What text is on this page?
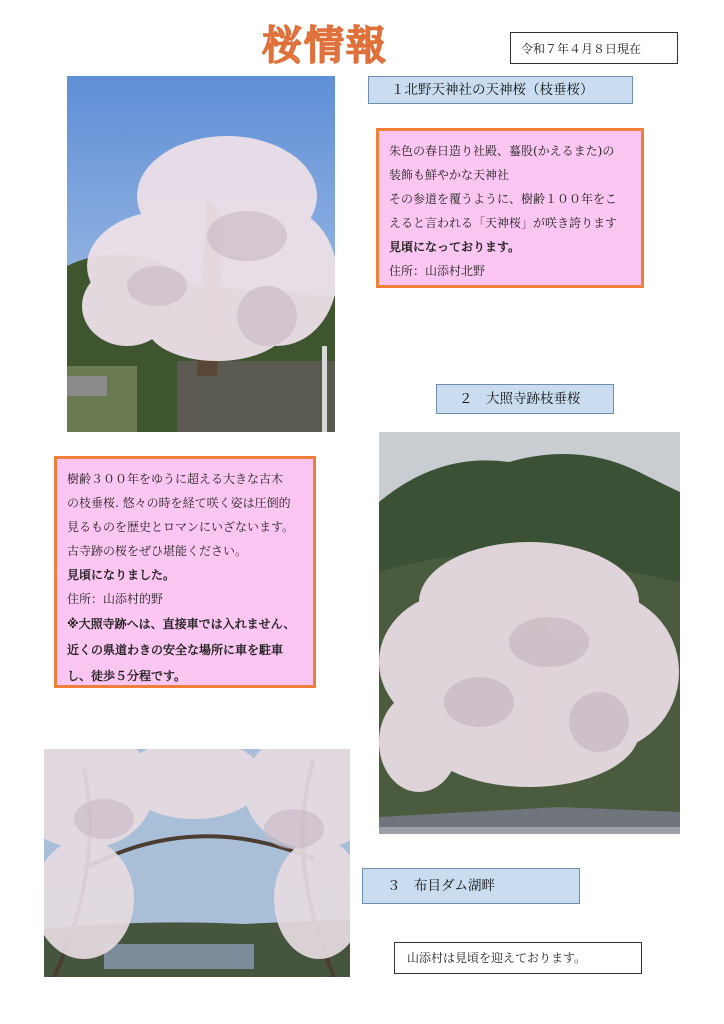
桜情報	令和７年４月８日現在
１北野天神社の天神桜（枝垂桜）
朱色の春日造り社殿、蟇股(かえるまた)の
装飾も鮮やかな天神社
その参道を覆うように、樹齢１００年をこ
えると言われる「天神桜」が咲き誇ります
見頃になっております。
住所：山添村北野
２　大照寺跡枝垂桜
樹齢３００年をゆうに超える大きな古木
の枝垂桜. 悠々の時を経て咲く姿は圧倒的
見るものを歴史とロマンにいざないます。
古寺跡の桜をぜひ堪能ください。
見頃になりました。
住所：山添村的野
※大照寺跡へは、直接車では入れません、
近くの県道わきの安全な場所に車を駐車
し、徒歩５分程です。
３　布目ダム湖畔
山添村は見頃を迎えております。
